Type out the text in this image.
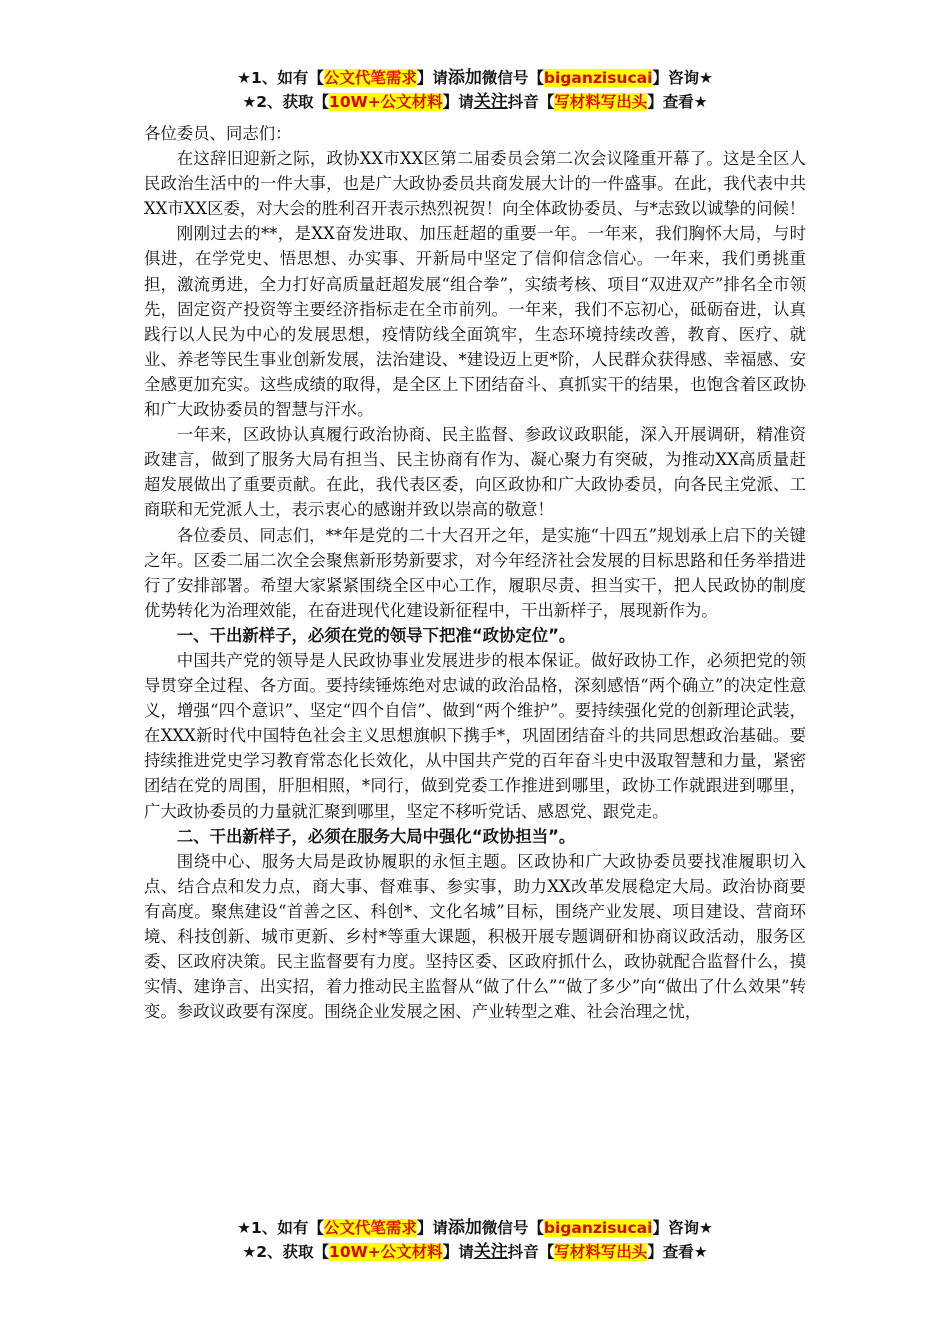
★1、如有【公文代笔需求】请添加微信号【biganzisucai】咨询★
★2、获取【10W+公文材料】请关注抖音【写材料写出头】查看★

各位委员、同志们：

在这辞旧迎新之际，政协XX市XX区第二届委员会第二次会议隆重开幕了。这是全区人民政治生活中的一件大事，也是广大政协委员共商发展大计的一件盛事。在此，我代表中共XX市XX区委，对大会的胜利召开表示热烈祝贺！向全体政协委员、与*志致以诚挚的问候！

刚刚过去的**，是XX奋发进取、加压赶超的重要一年。一年来，我们胸怀大局，与时俱进，在学党史、悟思想、办实事、开新局中坚定了信仰信念信心。一年来，我们勇挑重担，激流勇进，全力打好高质量赶超发展“组合拳”，实绩考核、项目“双进双产”排名全市领先，固定资产投资等主要经济指标走在全市前列。一年来，我们不忘初心，砥砺奋进，认真践行以人民为中心的发展思想，疫情防线全面筑牢，生态环境持续改善，教育、医疗、就业、养老等民生事业创新发展，法治建设、*建设迈上更*阶，人民群众获得感、幸福感、安全感更加充实。这些成绩的取得，是全区上下团结奋斗、真抓实干的结果，也饱含着区政协和广大政协委员的智慧与汗水。

一年来，区政协认真履行政治协商、民主监督、参政议政职能，深入开展调研，精准资政建言，做到了服务大局有担当、民主协商有作为、凝心聚力有突破，为推动XX高质量赶超发展做出了重要贡献。在此，我代表区委，向区政协和广大政协委员，向各民主党派、工商联和无党派人士，表示衷心的感谢并致以崇高的敬意！

各位委员、同志们，**年是党的二十大召开之年，是实施“十四五”规划承上启下的关键之年。区委二届二次全会聚焦新形势新要求，对今年经济社会发展的目标思路和任务举措进行了安排部署。希望大家紧紧围绕全区中心工作，履职尽责、担当实干，把人民政协的制度优势转化为治理效能，在奋进现代化建设新征程中，干出新样子，展现新作为。

一、干出新样子，必须在党的领导下把准“政协定位”。

中国共产党的领导是人民政协事业发展进步的根本保证。做好政协工作，必须把党的领导贯穿全过程、各方面。要持续锤炼绝对忠诚的政治品格，深刻感悟“两个确立”的决定性意义，增强“四个意识”、坚定“四个自信”、做到“两个维护”。要持续强化党的创新理论武装，在XXX新时代中国特色社会主义思想旗帜下携手*，巩固团结奋斗的共同思想政治基础。要持续推进党史学习教育常态化长效化，从中国共产党的百年奋斗史中汲取智慧和力量，紧密团结在党的周围，肝胆相照，*同行，做到党委工作推进到哪里，政协工作就跟进到哪里，广大政协委员的力量就汇聚到哪里，坚定不移听党话、感恩党、跟党走。

二、干出新样子，必须在服务大局中强化“政协担当”。

围绕中心、服务大局是政协履职的永恒主题。区政协和广大政协委员要找准履职切入点、结合点和发力点，商大事、督难事、参实事，助力XX改革发展稳定大局。政治协商要有高度。聚焦建设“首善之区、科创*、文化名城”目标，围绕产业发展、项目建设、营商环境、科技创新、城市更新、乡村*等重大课题，积极开展专题调研和协商议政活动，服务区委、区政府决策。民主监督要有力度。坚持区委、区政府抓什么，政协就配合监督什么，摸实情、建诤言、出实招，着力推动民主监督从“做了什么”“做了多少”向“做出了什么效果”转变。参政议政要有深度。围绕企业发展之困、产业转型之难、社会治理之忧，

★1、如有【公文代笔需求】请添加微信号【biganzisucai】咨询★
★2、获取【10W+公文材料】请关注抖音【写材料写出头】查看★
